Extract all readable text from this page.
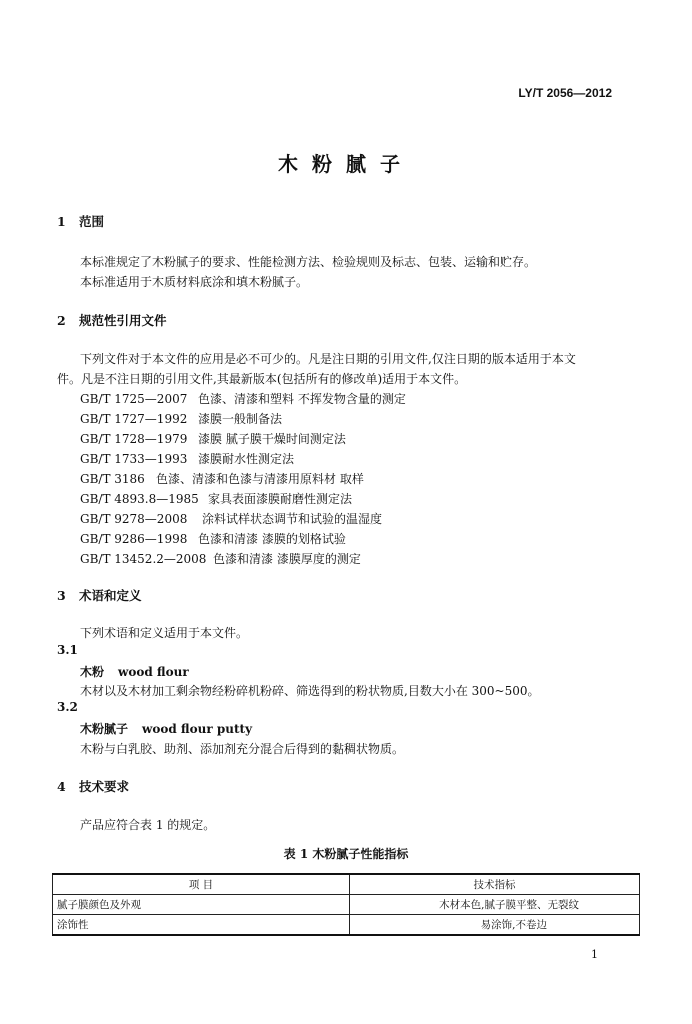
LY/T 2056—2012
木粉腻子
1 范围
本标准规定了木粉腻子的要求、性能检测方法、检验规则及标志、包装、运输和贮存。
本标准适用于木质材料底涂和填木粉腻子。
2 规范性引用文件
下列文件对于本文件的应用是必不可少的。凡是注日期的引用文件,仅注日期的版本适用于本文
件。凡是不注日期的引用文件,其最新版本(包括所有的修改单)适用于本文件。
GB/T 1725—2007 色漆、清漆和塑料 不挥发物含量的测定
GB/T 1727—1992 漆膜一般制备法
GB/T 1728—1979 漆膜 腻子膜干燥时间测定法
GB/T 1733—1993 漆膜耐水性测定法
GB/T 3186 色漆、清漆和色漆与清漆用原料材 取样
GB/T 4893.8—1985 家具表面漆膜耐磨性测定法
GB/T 9278—2008 涂料试样状态调节和试验的温湿度
GB/T 9286—1998 色漆和清漆 漆膜的划格试验
GB/T 13452.2—2008 色漆和清漆 漆膜厚度的测定
3 术语和定义
下列术语和定义适用于本文件。
3.1
木粉 wood flour
木材以及木材加工剩余物经粉碎机粉碎、筛选得到的粉状物质,目数大小在 300~500。
3.2
木粉腻子 wood flour putty
木粉与白乳胶、助剂、添加剂充分混合后得到的黏稠状物质。
4 技术要求
产品应符合表 1 的规定。
表 1 木粉腻子性能指标
项 目	技术指标
腻子膜颜色及外观	木材本色,腻子膜平整、无裂纹
涂饰性	易涂饰,不卷边
1
